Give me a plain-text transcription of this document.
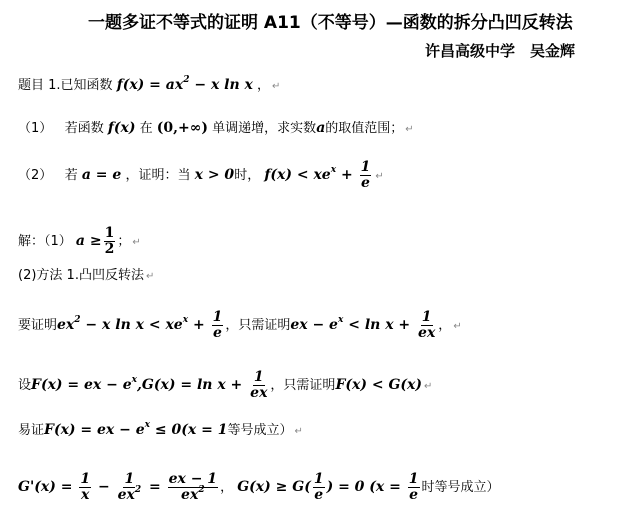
一题多证不等式的证明 A11（不等号）—函数的拆分凸凹反转法
许昌高级中学　吴金辉
题目 1.已知函数 $f(x) = ax^2 - x$ ln x ， ↵
（1） 若函数 f(x) 在 (0,+∞) 单调递增，求实数a的取值范围； ↵
（2） 若 a = e ，证明：当 x > 0时， $f(x) < xe^x + \frac{1}{e}$ ↵
解：（1） $a \ge \frac{1}{2}$ ； ↵
(2)方法 1.凸凹反转法 ↵
要证明$ex^2 - x$ $\ln x < xe^x + \frac{1}{e}$ ，只需证明ex − $e^x < \ln x + \frac{1}{ex}$ ， ↵
设F(x) = ex − $e^x,G(x) = \ln x + \frac{1}{ex}$ ，只需证明F(x) < G(x) ↵
易证F(x) = ex − $e^x \le 0(x = 1$等号成立） ↵
$G'(x) = \frac{1}{x} - \frac{1}{ex^2} = \frac{ex - 1}{ex^2}$ ， $G(x) \ge G( \frac{1}{e}$ ) = 0 ($x = \frac{1}{e}$ 时等号成立）
